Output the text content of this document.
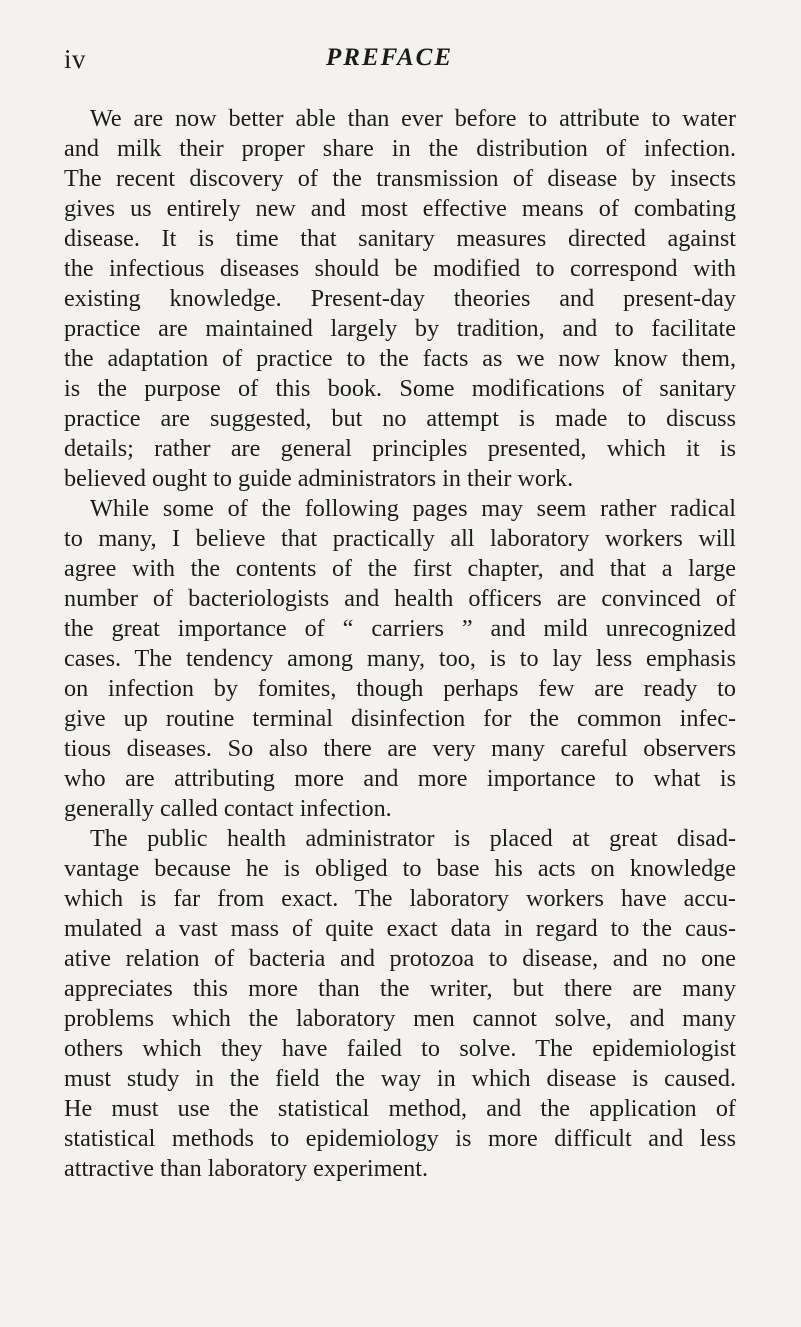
iv	PREFACE
We are now better able than ever before to attribute to water
and milk their proper share in the distribution of infection.
The recent discovery of the transmission of disease by insects
gives us entirely new and most effective means of combating
disease. It is time that sanitary measures directed against
the infectious diseases should be modified to correspond with
existing knowledge. Present-day theories and present-day
practice are maintained largely by tradition, and to facilitate
the adaptation of practice to the facts as we now know them,
is the purpose of this book. Some modifications of sanitary
practice are suggested, but no attempt is made to discuss
details; rather are general principles presented, which it is
believed ought to guide administrators in their work.
While some of the following pages may seem rather radical
to many, I believe that practically all laboratory workers will
agree with the contents of the first chapter, and that a large
number of bacteriologists and health officers are convinced of
the great importance of “ carriers ” and mild unrecognized
cases. The tendency among many, too, is to lay less emphasis
on infection by fomites, though perhaps few are ready to
give up routine terminal disinfection for the common infec-
tious diseases. So also there are very many careful observers
who are attributing more and more importance to what is
generally called contact infection.
The public health administrator is placed at great disad-
vantage because he is obliged to base his acts on knowledge
which is far from exact. The laboratory workers have accu-
mulated a vast mass of quite exact data in regard to the caus-
ative relation of bacteria and protozoa to disease, and no one
appreciates this more than the writer, but there are many
problems which the laboratory men cannot solve, and many
others which they have failed to solve. The epidemiologist
must study in the field the way in which disease is caused.
He must use the statistical method, and the application of
statistical methods to epidemiology is more difficult and less
attractive than laboratory experiment.
